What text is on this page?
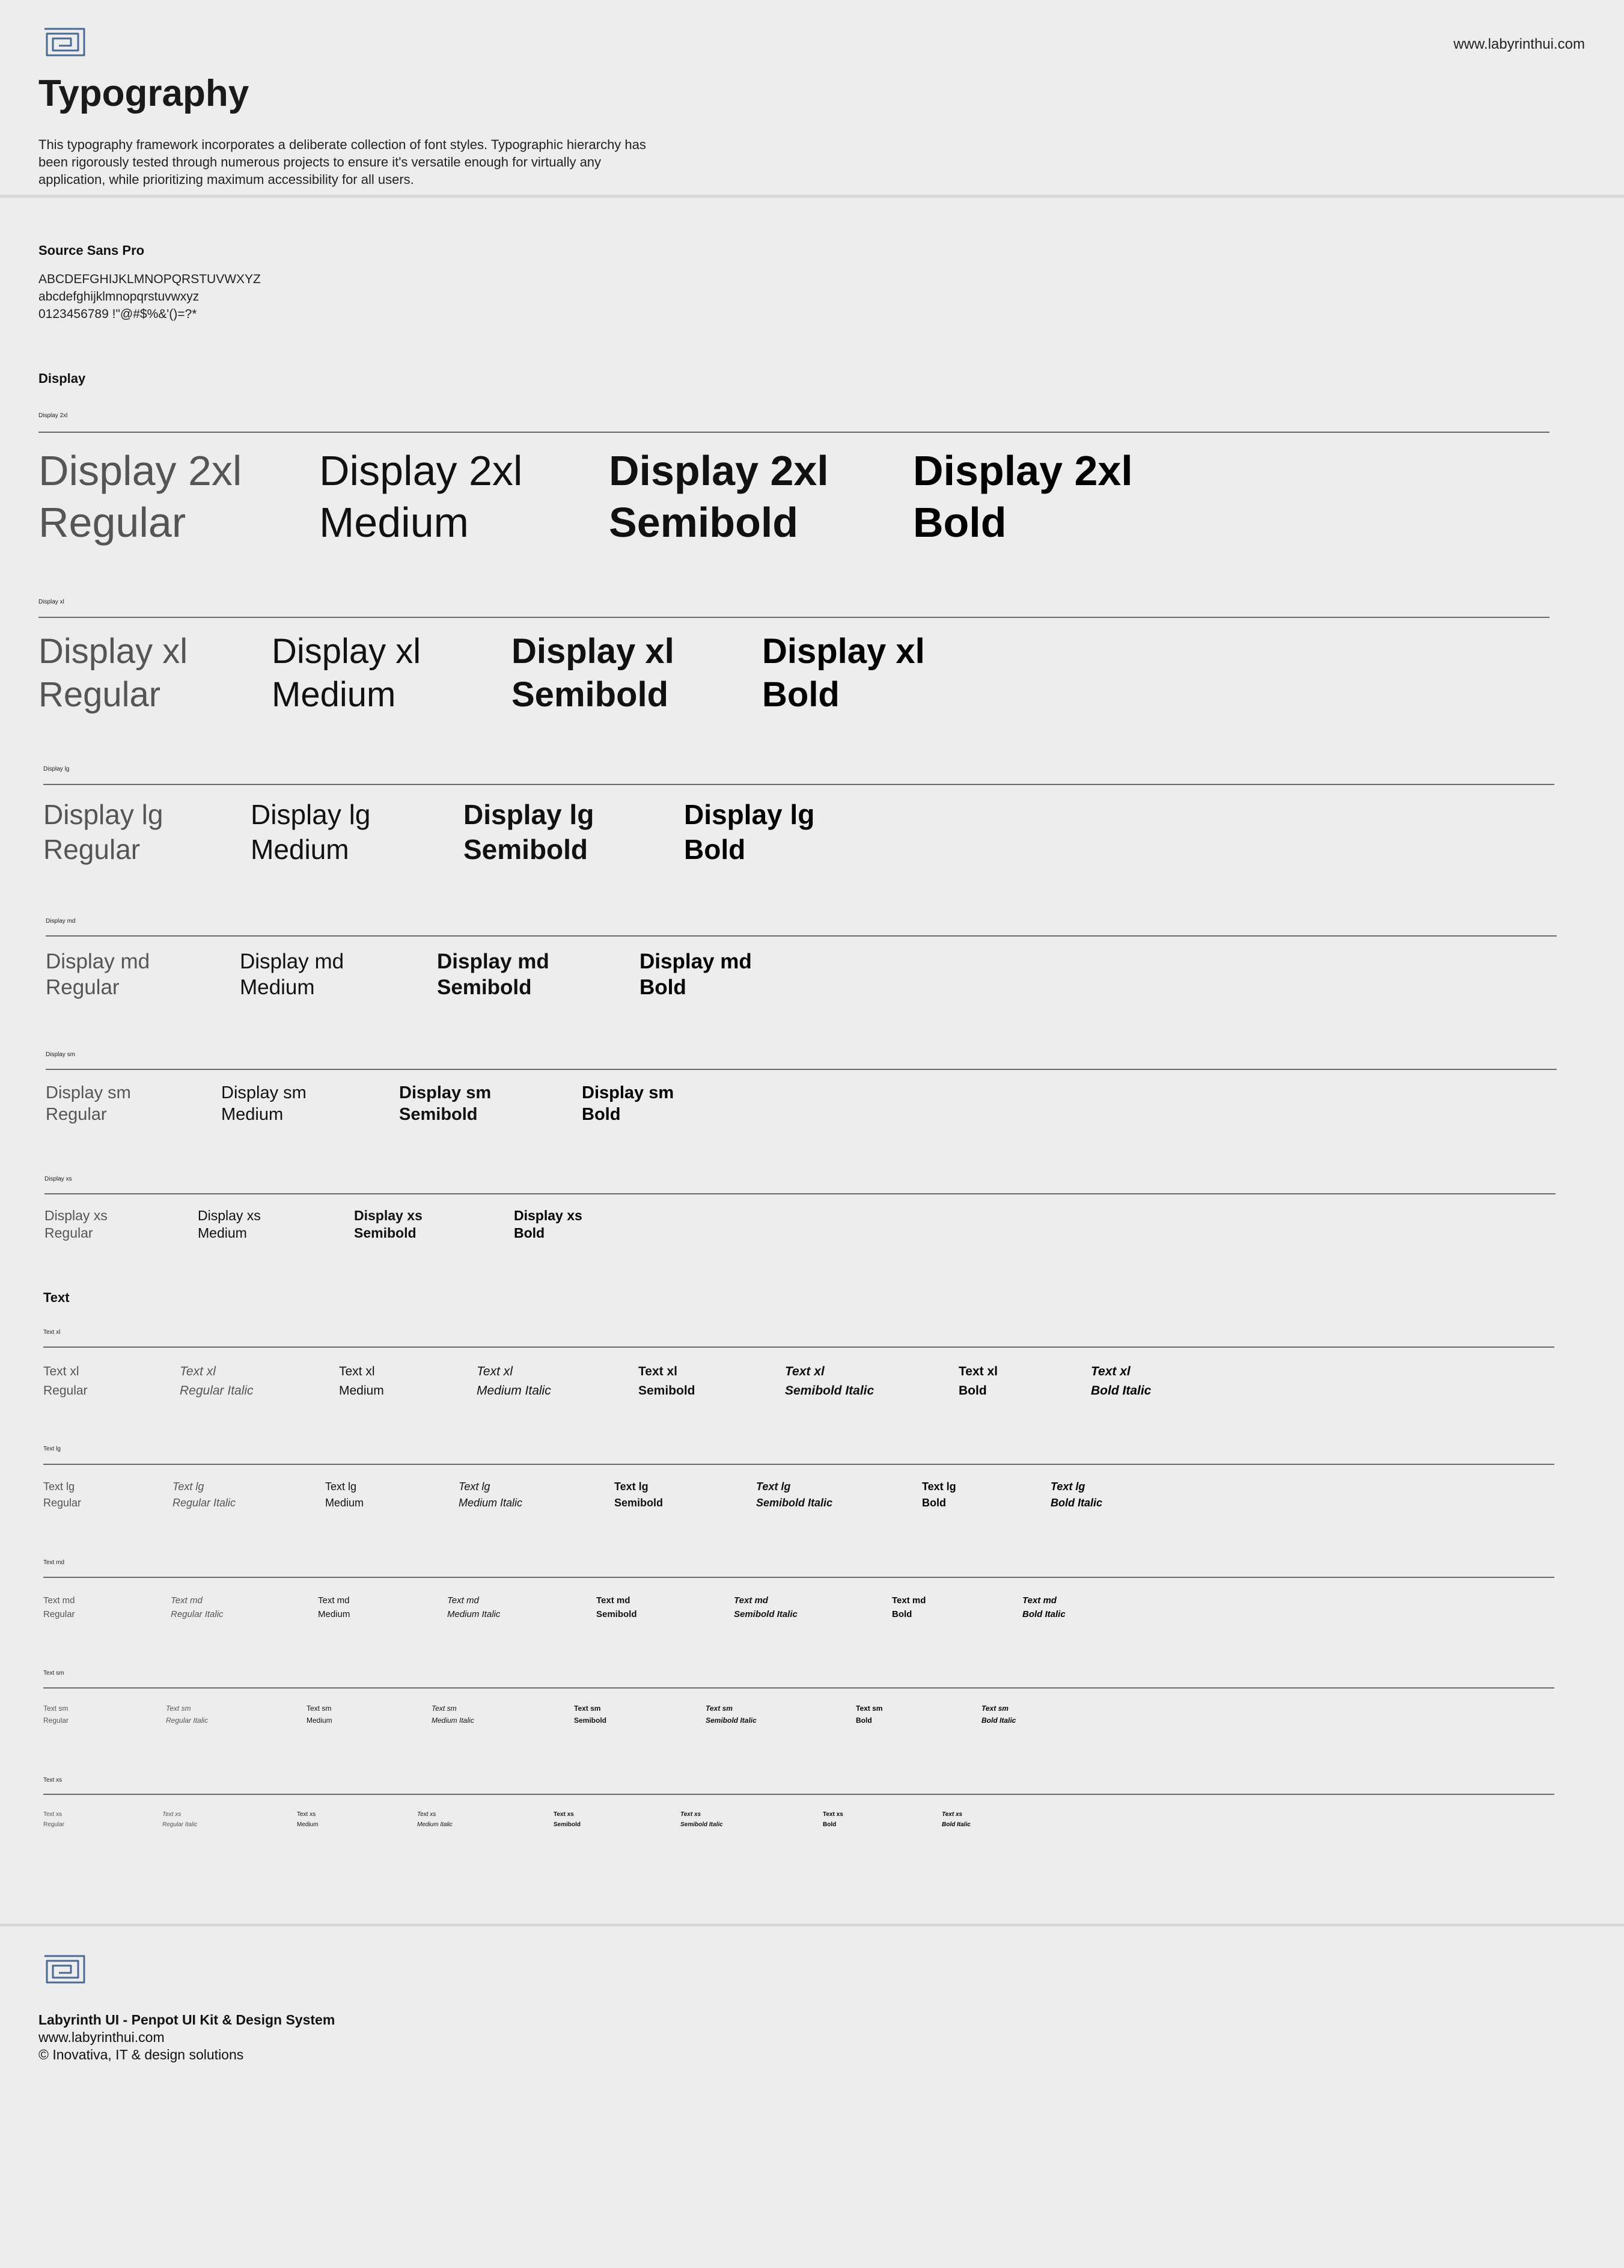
www.labyrinthui.com
Typography
This typography framework incorporates a deliberate collection of font styles. Typographic hierarchy has
been rigorously tested through numerous projects to ensure it's versatile enough for virtually any
application, while prioritizing maximum accessibility for all users.
Source Sans Pro
ABCDEFGHIJKLMNOPQRSTUVWXYZ
abcdefghijklmnopqrstuvwxyz
0123456789 !"@#$%&'()=?*
Display
Display 2xl
Display 2xl
Regular
Display 2xl
Medium
Display 2xl
Semibold
Display 2xl
Bold
Display xl
Display xl
Regular
Display xl
Medium
Display xl
Semibold
Display xl
Bold
Display lg
Display lg
Regular
Display lg
Medium
Display lg
Semibold
Display lg
Bold
Display md
Display md
Regular
Display md
Medium
Display md
Semibold
Display md
Bold
Display sm
Display sm
Regular
Display sm
Medium
Display sm
Semibold
Display sm
Bold
Display xs
Display xs
Regular
Display xs
Medium
Display xs
Semibold
Display xs
Bold
Text
Text xl
Text xl
Regular
Text xl
Regular Italic
Text xl
Medium
Text xl
Medium Italic
Text xl
Semibold
Text xl
Semibold Italic
Text xl
Bold
Text xl
Bold Italic
Text lg
Text lg
Regular
Text lg
Regular Italic
Text lg
Medium
Text lg
Medium Italic
Text lg
Semibold
Text lg
Semibold Italic
Text lg
Bold
Text lg
Bold Italic
Text md
Text md
Regular
Text md
Regular Italic
Text md
Medium
Text md
Medium Italic
Text md
Semibold
Text md
Semibold Italic
Text md
Bold
Text md
Bold Italic
Text sm
Text sm
Regular
Text sm
Regular Italic
Text sm
Medium
Text sm
Medium Italic
Text sm
Semibold
Text sm
Semibold Italic
Text sm
Bold
Text sm
Bold Italic
Text xs
Text xs
Regular
Text xs
Regular Italic
Text xs
Medium
Text xs
Medium Italic
Text xs
Semibold
Text xs
Semibold Italic
Text xs
Bold
Text xs
Bold Italic
Labyrinth UI - Penpot UI Kit & Design System
www.labyrinthui.com
© Inovativa, IT & design solutions
